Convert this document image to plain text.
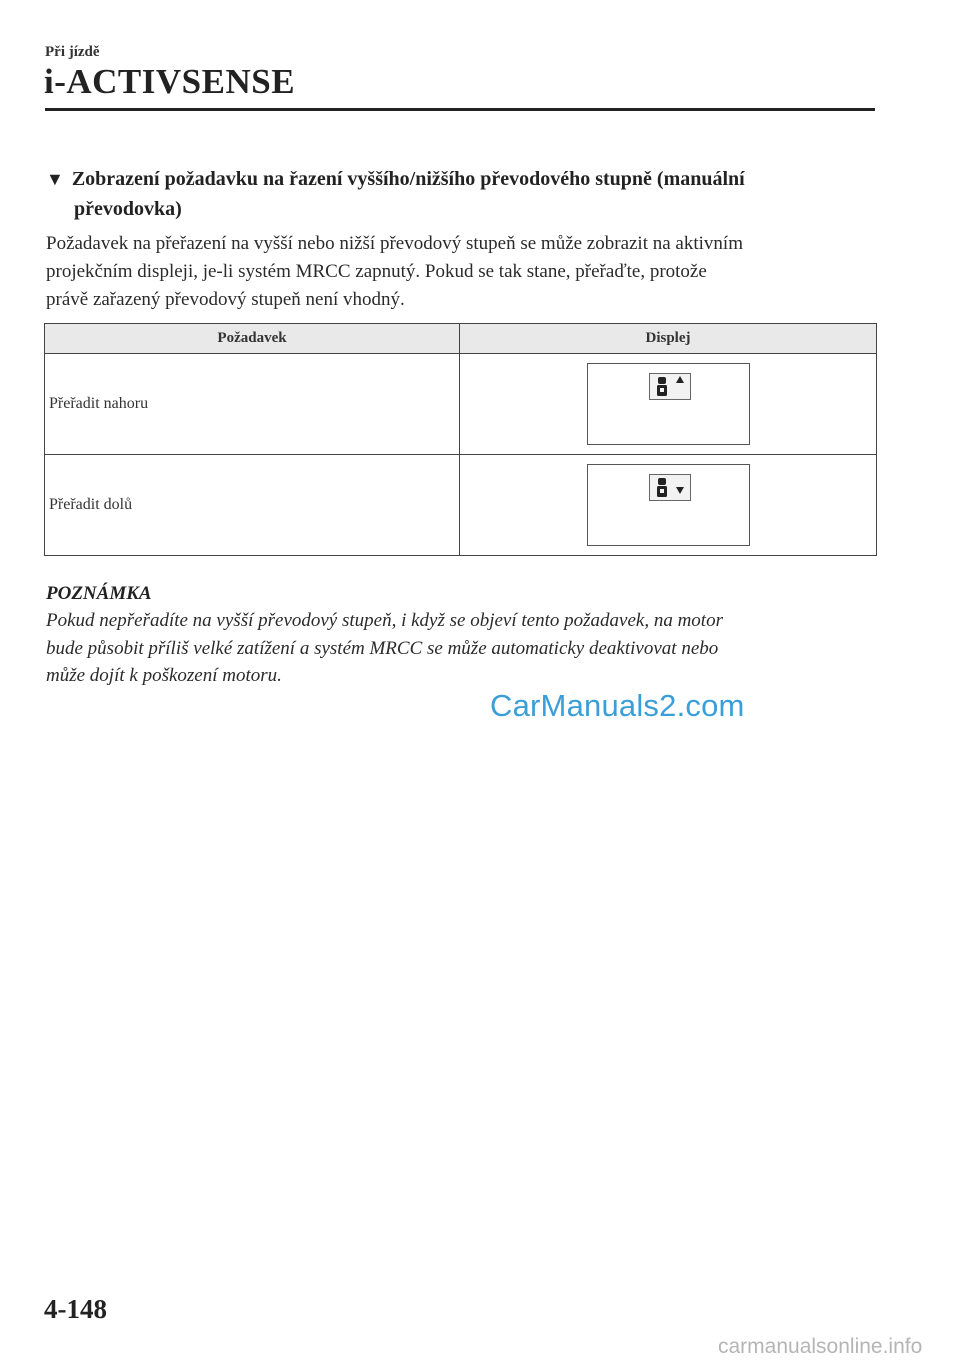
Při jízdě
i-ACTIVSENSE
▼ Zobrazení požadavku na řazení vyššího/nižšího převodového stupně (manuální
převodovka)
Požadavek na přeřazení na vyšší nebo nižší převodový stupeň se může zobrazit na aktivním
projekčním displeji, je-li systém MRCC zapnutý. Pokud se tak stane, přeřaďte, protože
právě zařazený převodový stupeň není vhodný.
Požadavek	Displej
Přeřadit nahoru	

Přeřadit dolů	
POZNÁMKA
Pokud nepřeřadíte na vyšší převodový stupeň, i když se objeví tento požadavek, na motor
bude působit příliš velké zatížení a systém MRCC se může automaticky deaktivovat nebo
může dojít k poškození motoru.
CarManuals2.com
4-148
carmanualsonline.info
